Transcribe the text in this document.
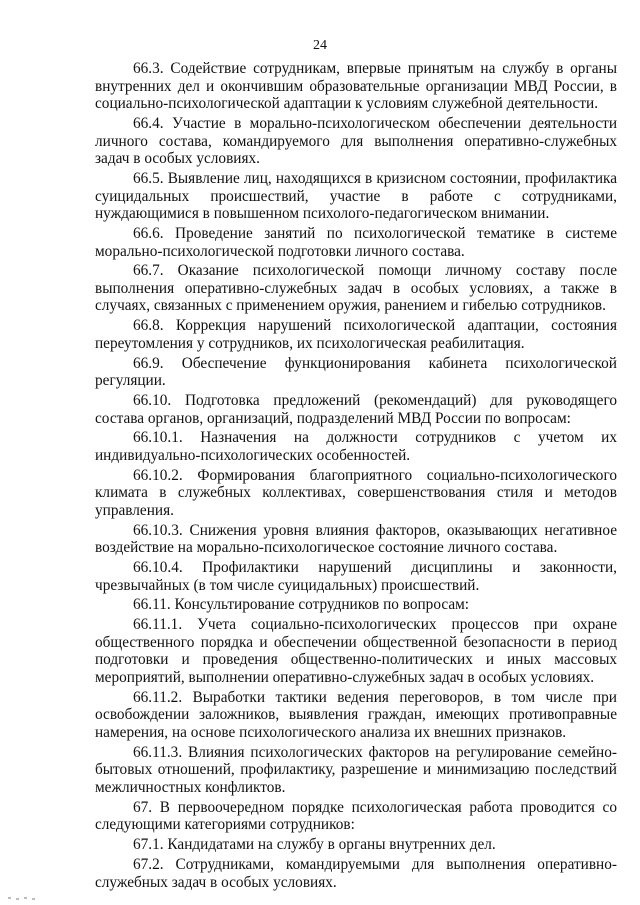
24

66.3. Содействие сотрудникам, впервые принятым на службу в органы внутренних дел и окончившим образовательные организации МВД России, в социально-психологической адаптации к условиям служебной деятельности.

66.4. Участие в морально-психологическом обеспечении деятельности личного состава, командируемого для выполнения оперативно-служебных задач в особых условиях.

66.5. Выявление лиц, находящихся в кризисном состоянии, профилактика суицидальных происшествий, участие в работе с сотрудниками, нуждающимися в повышенном психолого-педагогическом внимании.

66.6. Проведение занятий по психологической тематике в системе морально-психологической подготовки личного состава.

66.7. Оказание психологической помощи личному составу после выполнения оперативно-служебных задач в особых условиях, а также в случаях, связанных с применением оружия, ранением и гибелью сотрудников.

66.8. Коррекция нарушений психологической адаптации, состояния переутомления у сотрудников, их психологическая реабилитация.

66.9. Обеспечение функционирования кабинета психологической регуляции.

66.10. Подготовка предложений (рекомендаций) для руководящего состава органов, организаций, подразделений МВД России по вопросам:

66.10.1. Назначения на должности сотрудников с учетом их индивидуально-психологических особенностей.

66.10.2. Формирования благоприятного социально-психологического климата в служебных коллективах, совершенствования стиля и методов управления.

66.10.3. Снижения уровня влияния факторов, оказывающих негативное воздействие на морально-психологическое состояние личного состава.

66.10.4. Профилактики нарушений дисциплины и законности, чрезвычайных (в том числе суицидальных) происшествий.

66.11. Консультирование сотрудников по вопросам:

66.11.1. Учета социально-психологических процессов при охране общественного порядка и обеспечении общественной безопасности в период подготовки и проведения общественно-политических и иных массовых мероприятий, выполнении оперативно-служебных задач в особых условиях.

66.11.2. Выработки тактики ведения переговоров, в том числе при освобождении заложников, выявления граждан, имеющих противоправные намерения, на основе психологического анализа их внешних признаков.

66.11.3. Влияния психологических факторов на регулирование семейно-бытовых отношений, профилактику, разрешение и минимизацию последствий межличностных конфликтов.

67. В первоочередном порядке психологическая работа проводится со следующими категориями сотрудников:

67.1. Кандидатами на службу в органы внутренних дел.

67.2. Сотрудниками, командируемыми для выполнения оперативно-служебных задач в особых условиях.
